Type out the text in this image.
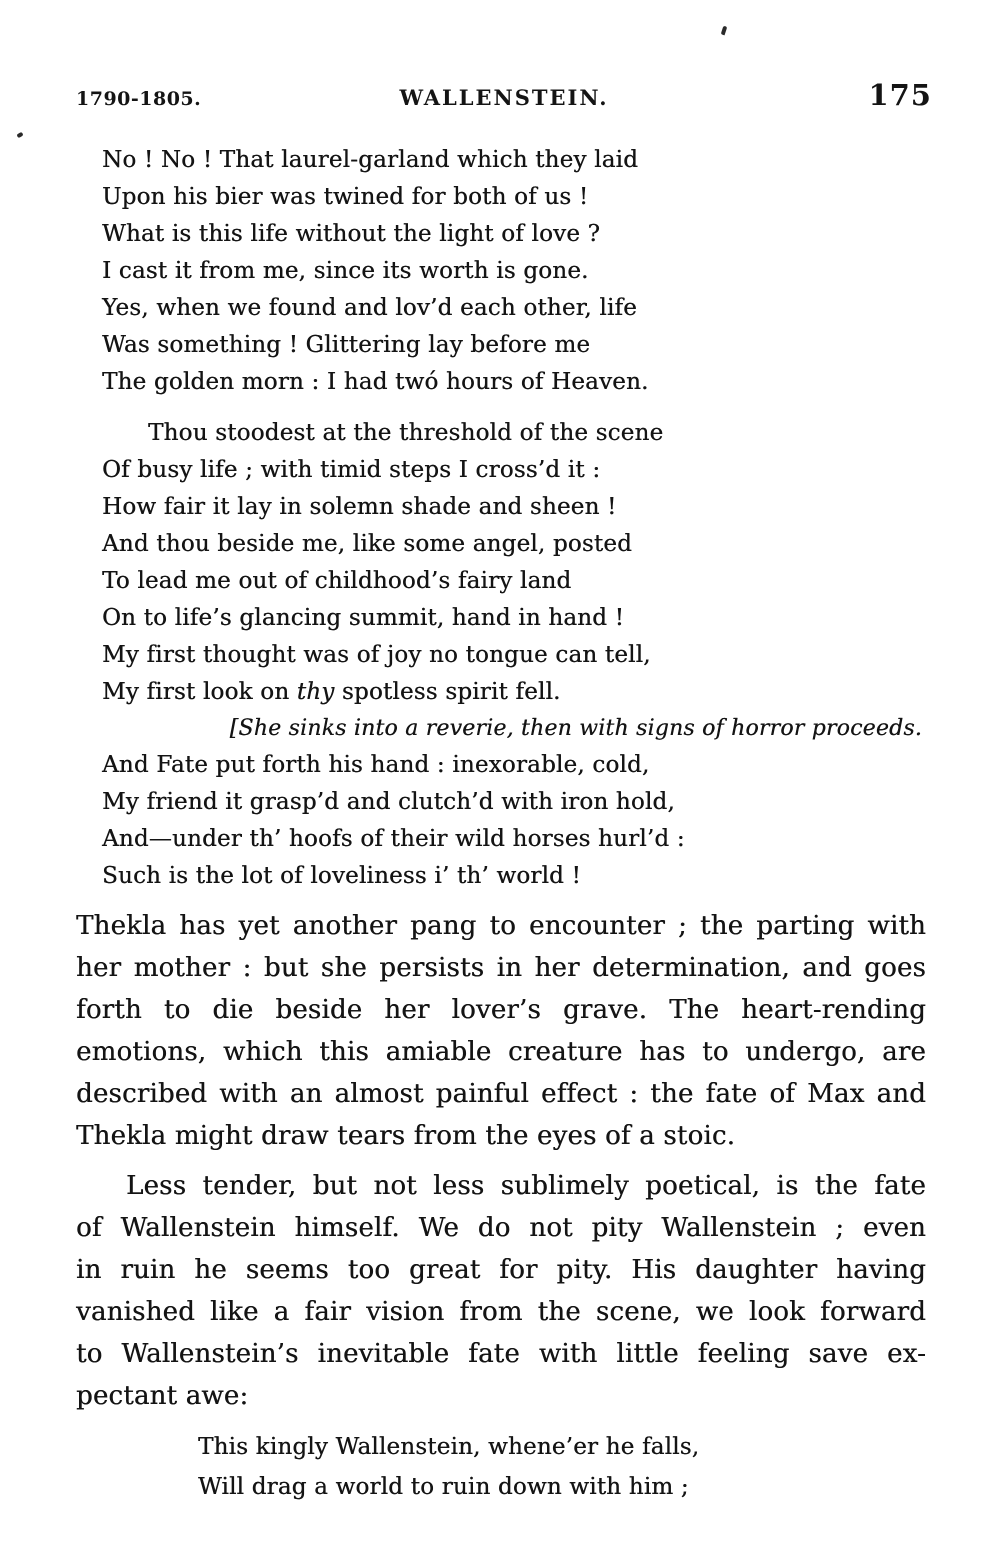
1790-1805.	WALLENSTEIN.	175
No ! No ! That laurel-garland which they laid
Upon his bier was twined for both of us !
What is this life without the light of love ?
I cast it from me, since its worth is gone.
Yes, when we found and lov’d each other, life
Was something ! Glittering lay before me
The golden morn : I had twó hours of Heaven.
Thou stoodest at the threshold of the scene
Of busy life ; with timid steps I cross’d it :
How fair it lay in solemn shade and sheen !
And thou beside me, like some angel, posted
To lead me out of childhood’s fairy land
On to life’s glancing summit, hand in hand !
My first thought was of joy no tongue can tell,
My first look on thy spotless spirit fell.
[She sinks into a reverie, then with signs of horror proceeds.
And Fate put forth his hand : inexorable, cold,
My friend it grasp’d and clutch’d with iron hold,
And—under th’ hoofs of their wild horses hurl’d :
Such is the lot of loveliness i’ th’ world !
Thekla has yet another pang to encounter ; the parting with
her mother : but she persists in her determination, and goes
forth to die beside her lover’s grave. The heart-rending
emotions, which this amiable creature has to undergo, are
described with an almost painful effect : the fate of Max and
Thekla might draw tears from the eyes of a stoic.
Less tender, but not less sublimely poetical, is the fate
of Wallenstein himself. We do not pity Wallenstein ; even
in ruin he seems too great for pity. His daughter having
vanished like a fair vision from the scene, we look forward
to Wallenstein’s inevitable fate with little feeling save ex-
pectant awe:
This kingly Wallenstein, whene’er he falls,
Will drag a world to ruin down with him ;
